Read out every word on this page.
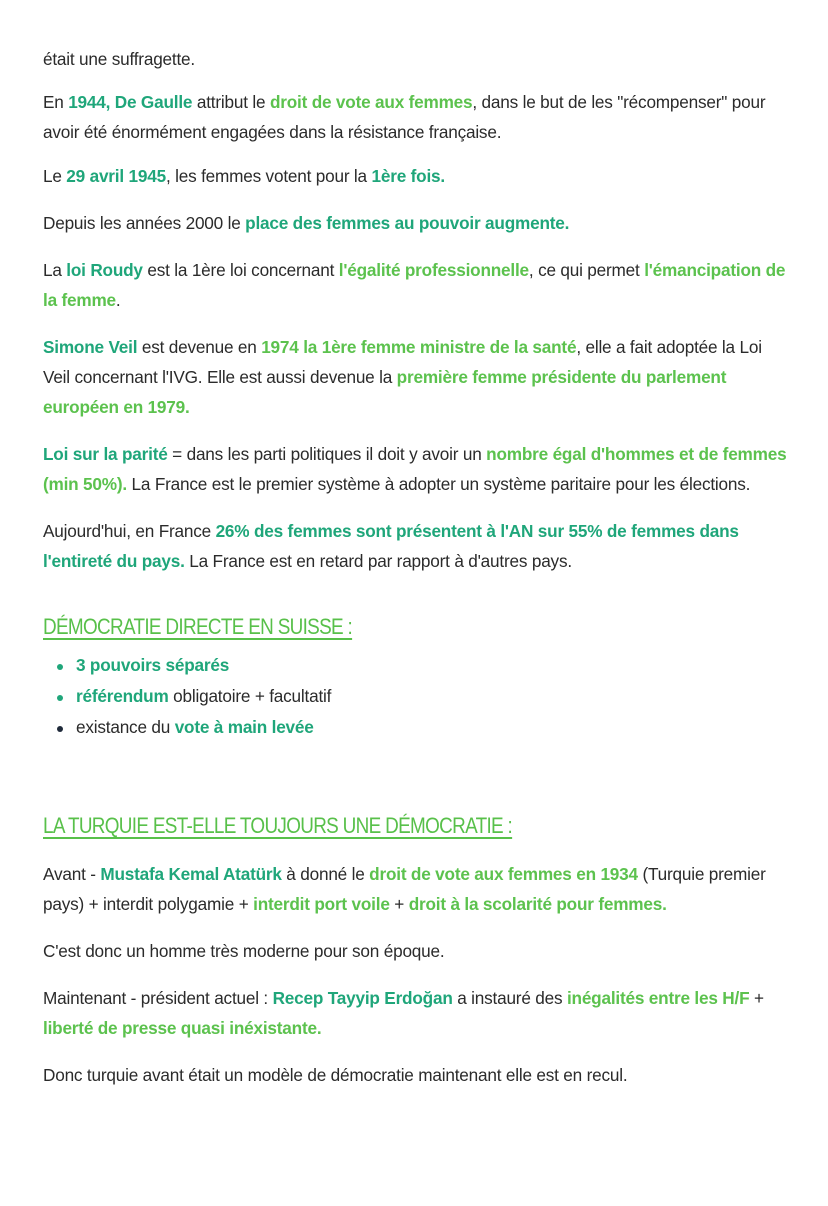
était une suffragette.

En 1944, De Gaulle attribut le droit de vote aux femmes, dans le but de les "récompenser" pour avoir été énormément engagées dans la résistance française.

Le 29 avril 1945, les femmes votent pour la 1ère fois.

Depuis les années 2000 le place des femmes au pouvoir augmente.

La loi Roudy est la 1ère loi concernant l'égalité professionnelle, ce qui permet l'émancipation de la femme.

Simone Veil est devenue en 1974 la 1ère femme ministre de la santé, elle a fait adoptée la Loi Veil concernant l'IVG. Elle est aussi devenue la première femme présidente du parlement européen en 1979.

Loi sur la parité = dans les parti politiques il doit y avoir un nombre égal d'hommes et de femmes (min 50%). La France est le premier système à adopter un système paritaire pour les élections.

Aujourd'hui, en France 26% des femmes sont présentent à l'AN sur 55% de femmes dans l'entireté du pays. La France est en retard par rapport à d'autres pays.

DÉMOCRATIE DIRECTE EN SUISSE :
3 pouvoirs séparés
référendum obligatoire + facultatif
existance du vote à main levée
LA TURQUIE EST-ELLE TOUJOURS UNE DÉMOCRATIE :

Avant - Mustafa Kemal Atatürk à donné le droit de vote aux femmes en 1934 (Turquie premier pays) + interdit polygamie + interdit port voile + droit à la scolarité pour femmes.

C'est donc un homme très moderne pour son époque.

Maintenant - président actuel : Recep Tayyip Erdoğan a instauré des inégalités entre les H/F + liberté de presse quasi inéxistante.

Donc turquie avant était un modèle de démocratie maintenant elle est en recul.
